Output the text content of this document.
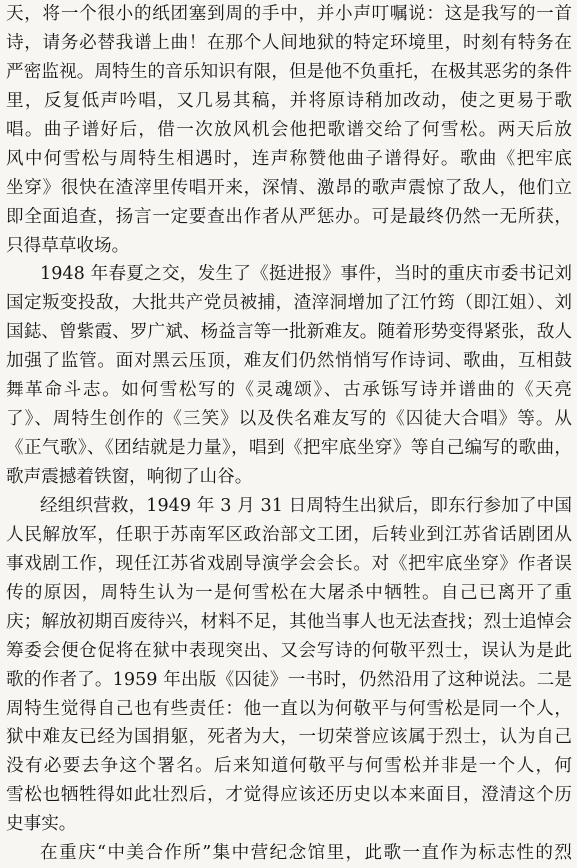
天，将一个很小的纸团塞到周的手中，并小声叮嘱说：这是我写的一首
诗，请务必替我谱上曲！在那个人间地狱的特定环境里，时刻有特务在
严密监视。周特生的音乐知识有限，但是他不负重托，在极其恶劣的条件
里，反复低声吟唱，又几易其稿，并将原诗稍加改动，使之更易于歌
唱。曲子谱好后，借一次放风机会他把歌谱交给了何雪松。两天后放
风中何雪松与周特生相遇时，连声称赞他曲子谱得好。歌曲《把牢底
坐穿》很快在渣滓里传唱开来，深情、激昂的歌声震惊了敌人，他们立
即全面追查，扬言一定要查出作者从严惩办。可是最终仍然一无所获，
只得草草收场。
1948 年春夏之交，发生了《挺进报》事件，当时的重庆市委书记刘
国定叛变投敌，大批共产党员被捕，渣滓洞增加了江竹筠（即江姐）、刘
国鋕、曾紫霞、罗广斌、杨益言等一批新难友。随着形势变得紧张，敌人
加强了监管。面对黑云压顶，难友们仍然悄悄写作诗词、歌曲，互相鼓
舞革命斗志。如何雪松写的《灵魂颂》、古承铄写诗并谱曲的《天亮
了》、周特生创作的《三笑》以及佚名难友写的《囚徒大合唱》等。从
《正气歌》、《团结就是力量》，唱到《把牢底坐穿》等自己编写的歌曲，
歌声震撼着铁窗，响彻了山谷。
经组织营救，1949 年 3 月 31 日周特生出狱后，即东行参加了中国
人民解放军，任职于苏南军区政治部文工团，后转业到江苏省话剧团从
事戏剧工作，现任江苏省戏剧导演学会会长。对《把牢底坐穿》作者误
传的原因，周特生认为一是何雪松在大屠杀中牺牲。自己已离开了重
庆；解放初期百废待兴，材料不足，其他当事人也无法查找；烈士追悼会
筹委会便仓促将在狱中表现突出、又会写诗的何敬平烈士，误认为是此
歌的作者了。1959 年出版《囚徒》一书时，仍然沿用了这种说法。二是
周特生觉得自己也有些责任：他一直以为何敬平与何雪松是同一个人，
狱中难友已经为国捐躯，死者为大，一切荣誉应该属于烈士，认为自己
没有必要去争这个署名。后来知道何敬平与何雪松并非是一个人，何
雪松也牺牲得如此壮烈后，才觉得应该还历史以本来面目，澄清这个历
史事实。
在重庆“中美合作所”集中营纪念馆里，此歌一直作为标志性的烈
